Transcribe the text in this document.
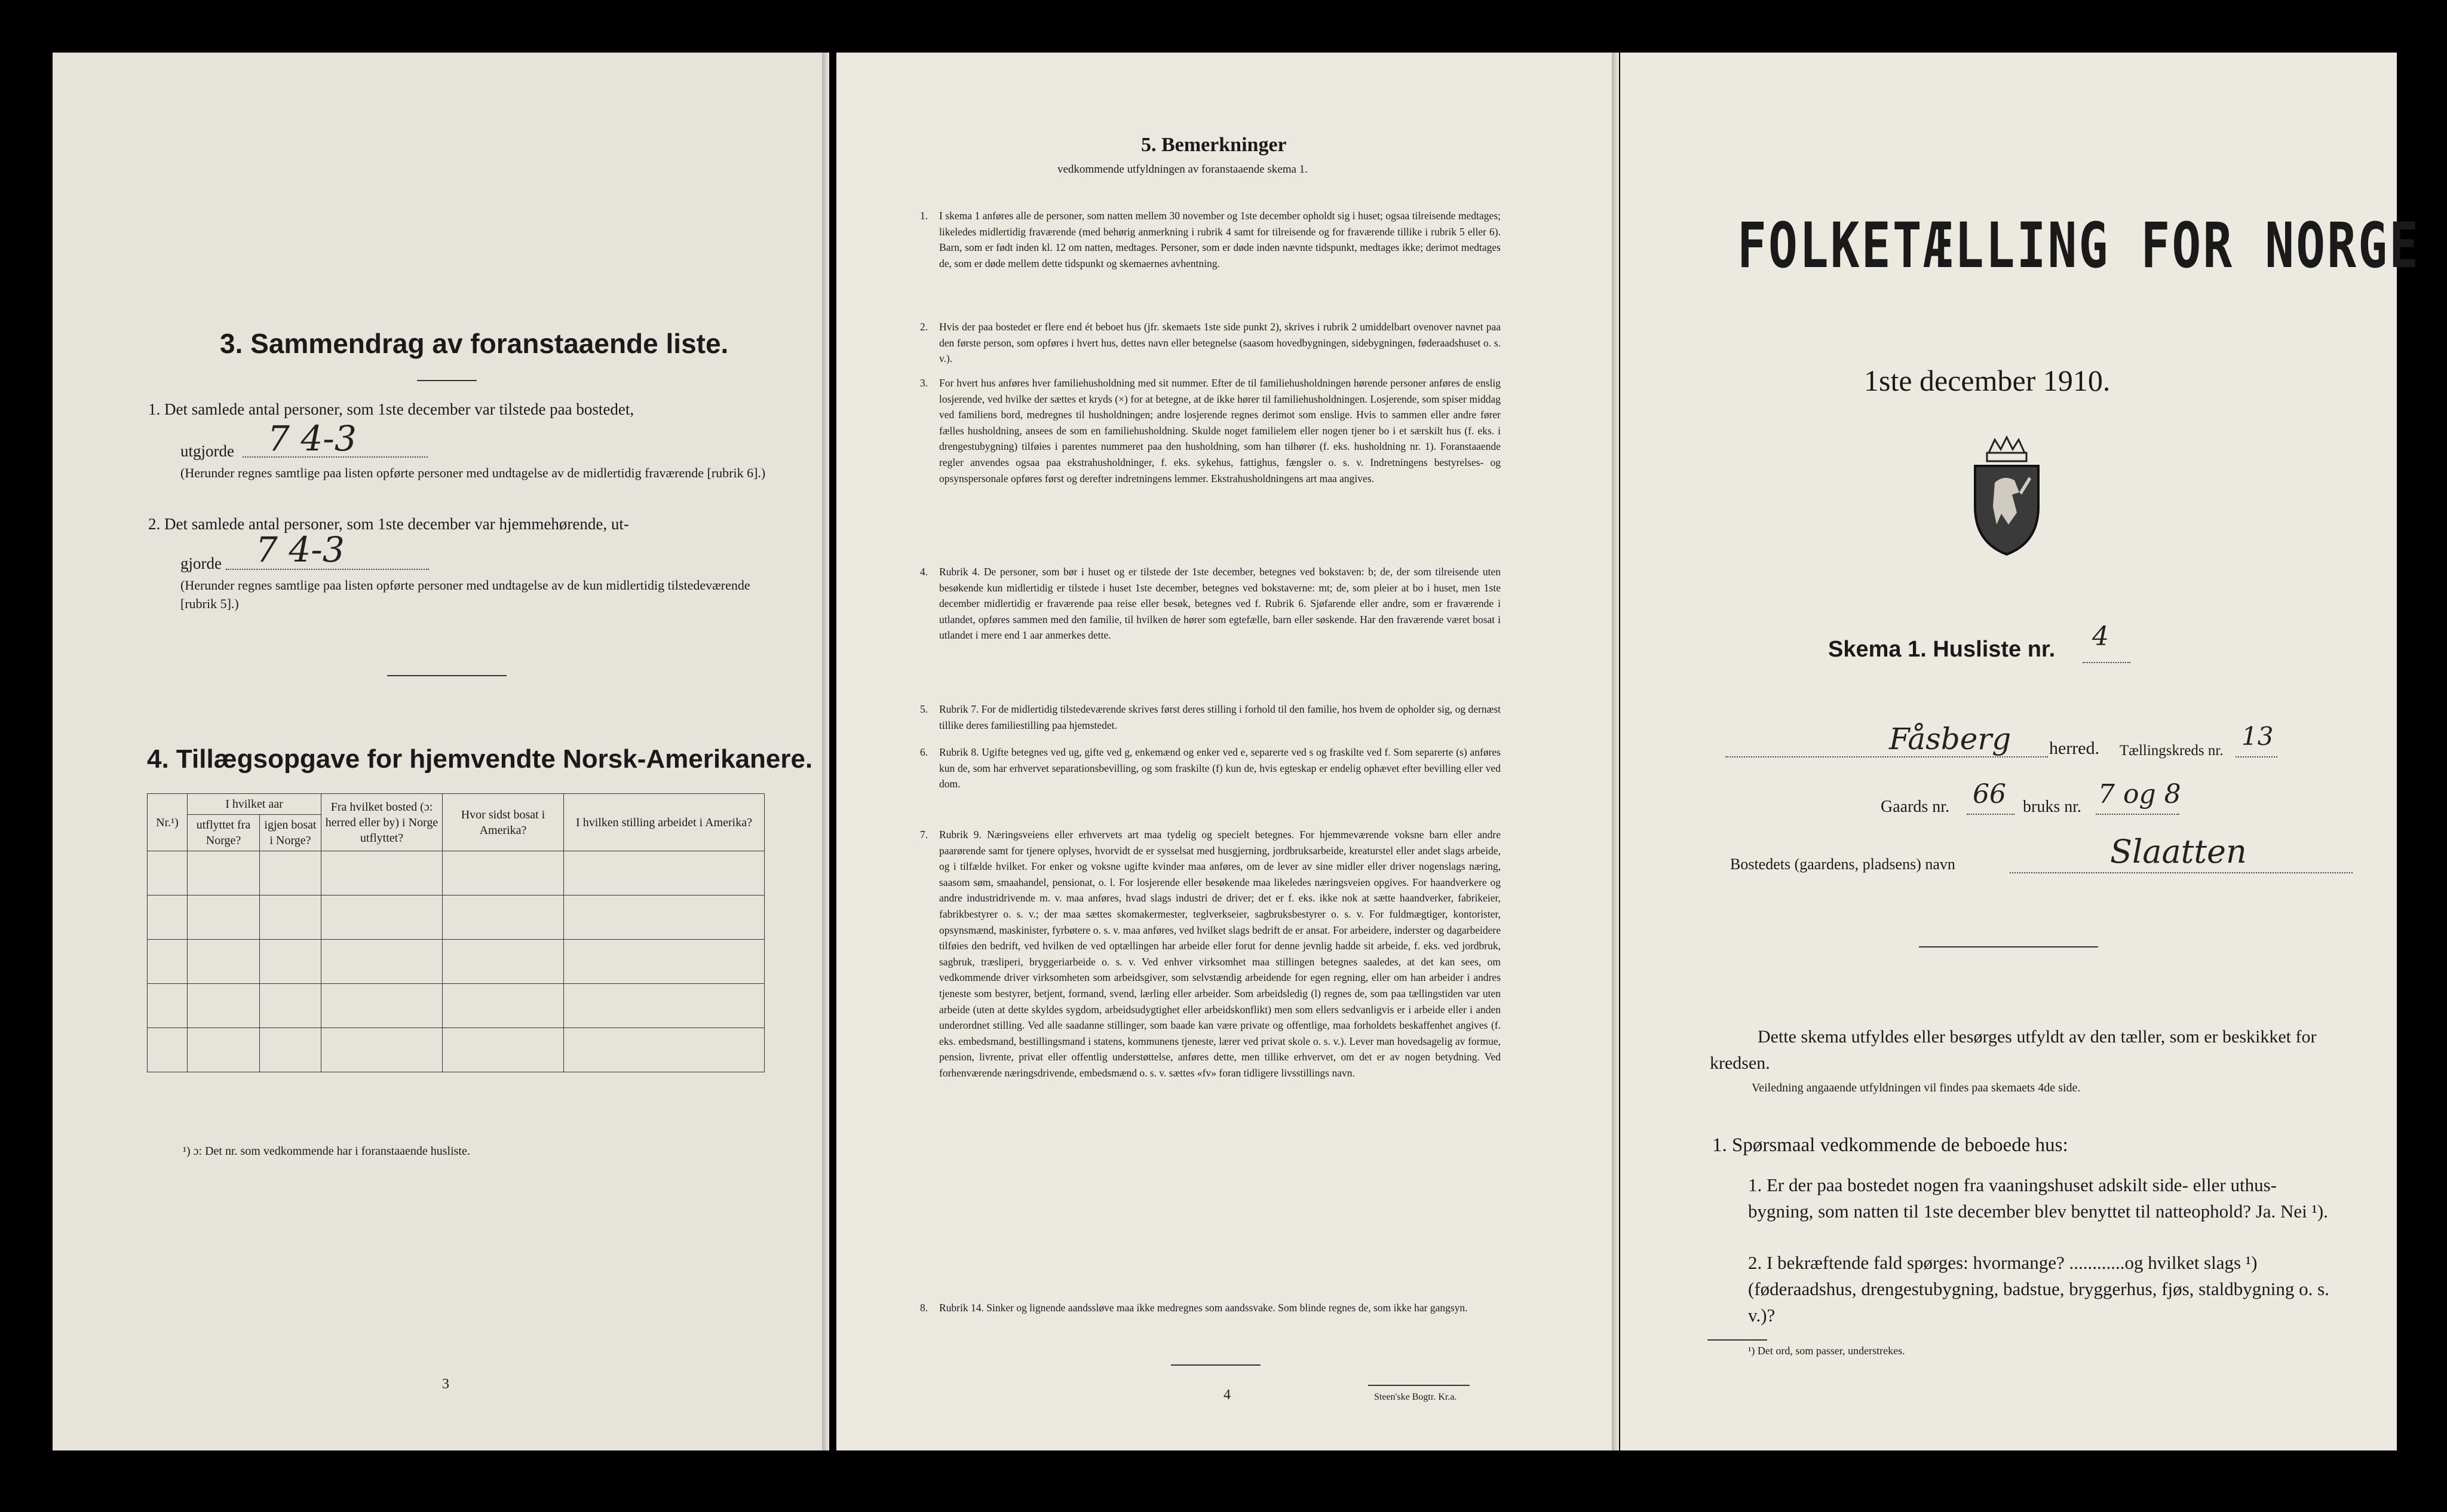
3. Sammendrag av foranstaaende liste.
1. Det samlede antal personer, som 1ste december var tilstede paa bostedet,
utgjorde 7 4-3
(Herunder regnes samtlige paa listen opførte personer med undtagelse av de midlertidig fraværende [rubrik 6].)
2. Det samlede antal personer, som 1ste december var hjemmehørende, ut-
gjorde 7 4-3
(Herunder regnes samtlige paa listen opførte personer med undtagelse av de kun midlertidig tilstedeværende [rubrik 5].)
4. Tillægsopgave for hjemvendte Norsk-Amerikanere.
Nr.¹)	I hvilket aar		Fra hvilket bosted (ɔ: herred eller by) i Norge utflyttet?	Hvor sidst bosat i Amerika?	I hvilken stilling arbeidet i Amerika?
	utflyttet fra Norge?	igjen bosat i Norge?			

¹) ɔ: Det nr. som vedkommende har i foranstaaende husliste.
3
5. Bemerkninger
vedkommende utfyldningen av foranstaaende skema 1.
1. I skema 1 anføres alle de personer, som natten mellem 30 november og 1ste december opholdt sig i huset; ogsaa tilreisende medtages; likeledes midlertidig fraværende (med behørig anmerkning i rubrik 4 samt for tilreisende og for fraværende tillike i rubrik 5 eller 6). Barn, som er født inden kl. 12 om natten, medtages. Personer, som er døde inden nævnte tidspunkt, medtages ikke; derimot medtages de, som er døde mellem dette tidspunkt og skemaernes avhentning.
2. Hvis der paa bostedet er flere end ét beboet hus (jfr. skemaets 1ste side punkt 2), skrives i rubrik 2 umiddelbart ovenover navnet paa den første person, som opføres i hvert hus, dettes navn eller betegnelse (saasom hovedbygningen, sidebygningen, føderaadshuset o. s. v.).
3. For hvert hus anføres hver familiehusholdning med sit nummer. Efter de til familiehusholdningen hørende personer anføres de enslig losjerende, ved hvilke der sættes et kryds (×) for at betegne, at de ikke hører til familiehusholdningen. Losjerende, som spiser middag ved familiens bord, medregnes til husholdningen; andre losjerende regnes derimot som enslige. Hvis to sammen eller andre fører fælles husholdning, ansees de som en familiehusholdning. Skulde noget familielem eller nogen tjener bo i et særskilt hus (f. eks. i drengestubygning) tilføies i parentes nummeret paa den husholdning, som han tilhører (f. eks. husholdning nr. 1). Foranstaaende regler anvendes ogsaa paa ekstrahusholdninger, f. eks. sykehus, fattighus, fængsler o. s. v. Indretningens bestyrelses- og opsynspersonale opføres først og derefter indretningens lemmer. Ekstrahusholdningens art maa angives.
4. Rubrik 4. De personer, som bør i huset og er tilstede der 1ste december, betegnes ved bokstaven: b; de, der som tilreisende uten besøkende kun midlertidig er tilstede i huset 1ste december, betegnes ved bokstaverne: mt; de, som pleier at bo i huset, men 1ste december midlertidig er fraværende paa reise eller besøk, betegnes ved f. Rubrik 6. Sjøfarende eller andre, som er fraværende i utlandet, opføres sammen med den familie, til hvilken de hører som egtefælle, barn eller søskende. Har den fraværende været bosat i utlandet i mere end 1 aar anmerkes dette.
5. Rubrik 7. For de midlertidig tilstedeværende skrives først deres stilling i forhold til den familie, hos hvem de opholder sig, og dernæst tillike deres familiestilling paa hjemstedet.
6. Rubrik 8. Ugifte betegnes ved ug, gifte ved g, enkemænd og enker ved e, separerte ved s og fraskilte ved f. Som separerte (s) anføres kun de, som har erhvervet separationsbevilling, og som fraskilte (f) kun de, hvis egteskap er endelig ophævet efter bevilling eller ved dom.
7. Rubrik 9. Næringsveiens eller erhvervets art maa tydelig og specielt betegnes. For hjemmeværende voksne barn eller andre paarørende samt for tjenere oplyses, hvorvidt de er sysselsat med husgjerning, jordbruksarbeide, kreaturstel eller andet slags arbeide, og i tilfælde hvilket. For enker og voksne ugifte kvinder maa anføres, om de lever av sine midler eller driver nogenslags næring, saasom søm, smaahandel, pensionat, o. l. For losjerende eller besøkende maa likeledes næringsveien opgives. For haandverkere og andre industridrivende m. v. maa anføres, hvad slags industri de driver; det er f. eks. ikke nok at sætte haandverker, fabrikeier, fabrikbestyrer o. s. v.; der maa sættes skomakermester, teglverkseier, sagbruksbestyrer o. s. v. For fuldmægtiger, kontorister, opsynsmænd, maskinister, fyrbøtere o. s. v. maa anføres, ved hvilket slags bedrift de er ansat. For arbeidere, inderster og dagarbeidere tilføies den bedrift, ved hvilken de ved optællingen har arbeide eller forut for denne jevnlig hadde sit arbeide, f. eks. ved jordbruk, sagbruk, træsliperi, bryggeriarbeide o. s. v. Ved enhver virksomhet maa stillingen betegnes saaledes, at det kan sees, om vedkommende driver virksomheten som arbeidsgiver, som selvstændig arbeidende for egen regning, eller om han arbeider i andres tjeneste som bestyrer, betjent, formand, svend, lærling eller arbeider. Som arbeidsledig (l) regnes de, som paa tællingstiden var uten arbeide (uten at dette skyldes sygdom, arbeidsudygtighet eller arbeidskonflikt) men som ellers sedvanligvis er i arbeide eller i anden underordnet stilling. Ved alle saadanne stillinger, som baade kan være private og offentlige, maa forholdets beskaffenhet angives (f. eks. embedsmand, bestillingsmand i statens, kommunens tjeneste, lærer ved privat skole o. s. v.). Lever man hovedsagelig av formue, pension, livrente, privat eller offentlig understøttelse, anføres dette, men tillike erhvervet, om det er av nogen betydning. Ved forhenværende næringsdrivende, embedsmænd o. s. v. sættes «fv» foran tidligere livsstillings navn.
8. Rubrik 14. Sinker og lignende aandssløve maa ikke medregnes som aandssvake. Som blinde regnes de, som ikke har gangsyn.
4	Steen'ske Bogtr. Kr.a.
FOLKETÆLLING FOR NORGE
1ste december 1910.
Skema 1. Husliste nr. 4
Fåsberg herred. Tællingskreds nr. 13
Gaards nr. 66 bruks nr. 7 og 8
Bostedets (gaardens, pladsens) navn	Slaatten
Dette skema utfyldes eller besørges utfyldt av den tæller, som er beskikket for kredsen.
Veiledning angaaende utfyldningen vil findes paa skemaets 4de side.
1. Spørsmaal vedkommende de beboede hus:
1. Er der paa bostedet nogen fra vaaningshuset adskilt side- eller uthus-bygning, som natten til 1ste december blev benyttet til natteophold? Ja. Nei ¹).
2. I bekræftende fald spørges: hvormange? ............og hvilket slags ¹) (føderaadshus, drengestubygning, badstue, bryggerhus, fjøs, staldbygning o. s. v.)?
¹) Det ord, som passer, understrekes.
